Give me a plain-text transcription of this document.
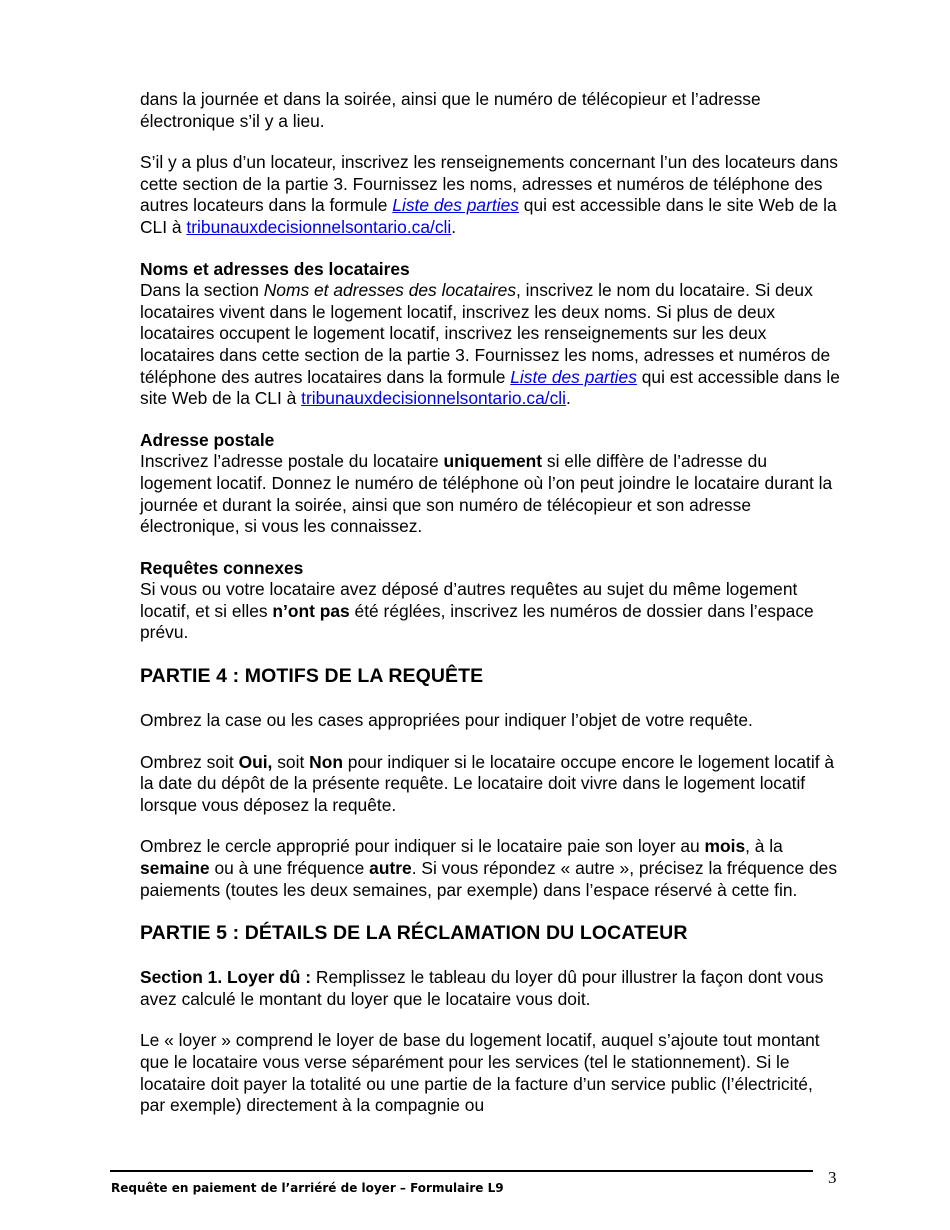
dans la journée et dans la soirée, ainsi que le numéro de télécopieur et l’adresse électronique s’il y a lieu.

S’il y a plus d’un locateur, inscrivez les renseignements concernant l’un des locateurs dans cette section de la partie 3. Fournissez les noms, adresses et numéros de téléphone des autres locateurs dans la formule Liste des parties qui est accessible dans le site Web de la CLI à tribunauxdecisionnelsontario.ca/cli.

Noms et adresses des locataires
Dans la section Noms et adresses des locataires, inscrivez le nom du locataire. Si deux locataires vivent dans le logement locatif, inscrivez les deux noms. Si plus de deux locataires occupent le logement locatif, inscrivez les renseignements sur les deux locataires dans cette section de la partie 3. Fournissez les noms, adresses et numéros de téléphone des autres locataires dans la formule Liste des parties qui est accessible dans le site Web de la CLI à tribunauxdecisionnelsontario.ca/cli.

Adresse postale
Inscrivez l’adresse postale du locataire uniquement si elle diffère de l’adresse du logement locatif. Donnez le numéro de téléphone où l’on peut joindre le locataire durant la journée et durant la soirée, ainsi que son numéro de télécopieur et son adresse électronique, si vous les connaissez.

Requêtes connexes
Si vous ou votre locataire avez déposé d’autres requêtes au sujet du même logement locatif, et si elles n’ont pas été réglées, inscrivez les numéros de dossier dans l’espace prévu.

PARTIE 4 : MOTIFS DE LA REQUÊTE

Ombrez la case ou les cases appropriées pour indiquer l’objet de votre requête.

Ombrez soit Oui, soit Non pour indiquer si le locataire occupe encore le logement locatif à la date du dépôt de la présente requête. Le locataire doit vivre dans le logement locatif lorsque vous déposez la requête.

Ombrez le cercle approprié pour indiquer si le locataire paie son loyer au mois, à la semaine ou à une fréquence autre. Si vous répondez « autre », précisez la fréquence des paiements (toutes les deux semaines, par exemple) dans l’espace réservé à cette fin.

PARTIE 5 : DÉTAILS DE LA RÉCLAMATION DU LOCATEUR

Section 1. Loyer dû : Remplissez le tableau du loyer dû pour illustrer la façon dont vous avez calculé le montant du loyer que le locataire vous doit.

Le « loyer » comprend le loyer de base du logement locatif, auquel s’ajoute tout montant que le locataire vous verse séparément pour les services (tel le stationnement). Si le locataire doit payer la totalité ou une partie de la facture d’un service public (l’électricité, par exemple) directement à la compagnie ou

Requête en paiement de l’arriéré de loyer – Formulaire L9
3
